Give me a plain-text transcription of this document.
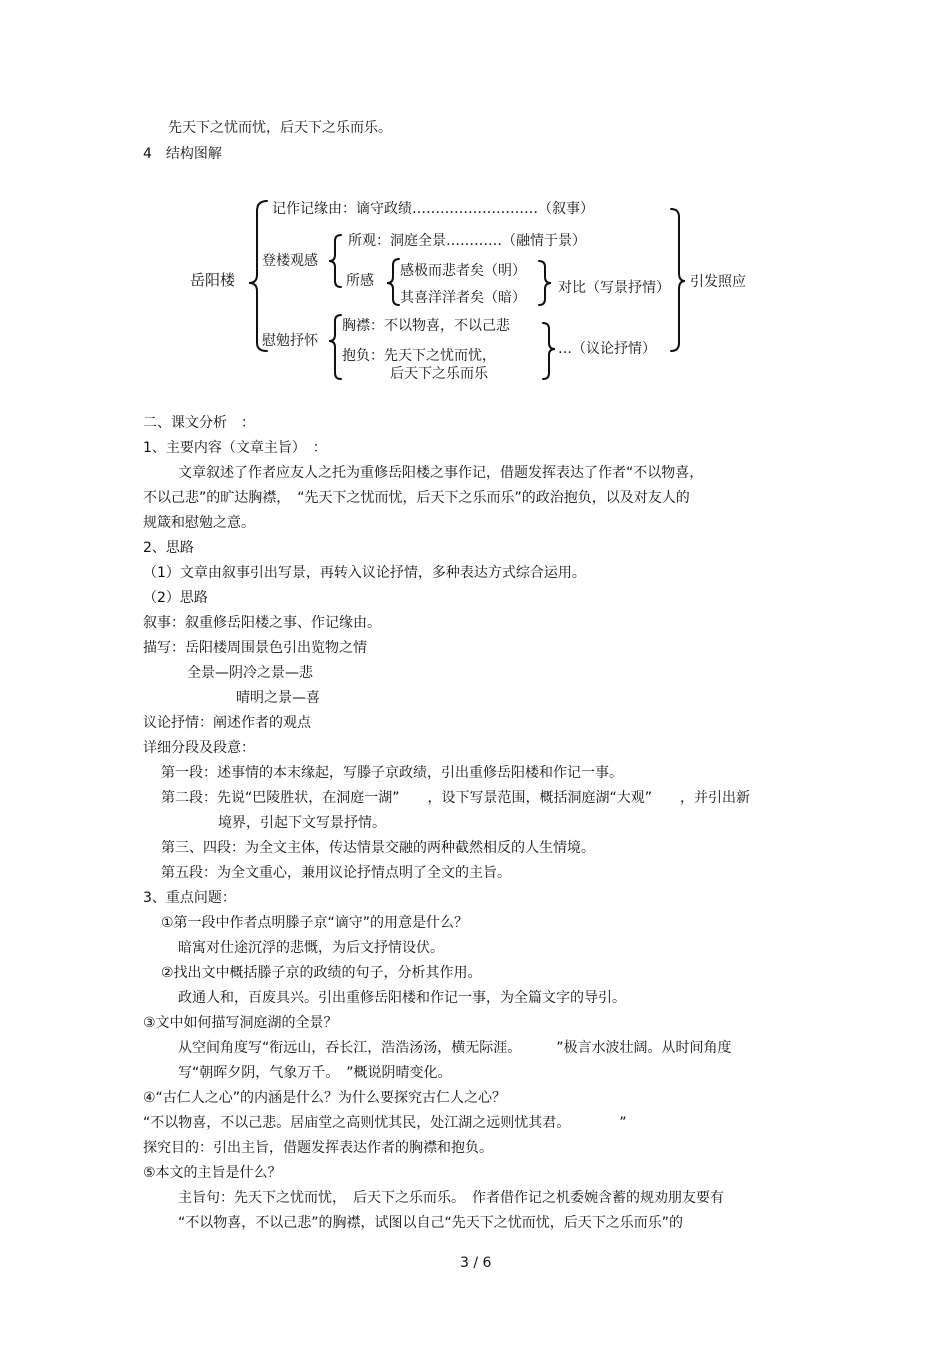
先天下之忧而忧，后天下之乐而乐。
4　结构图解
岳阳楼
记作记缘由：谪守政绩………………………（叙事）
登楼观感
所观：洞庭全景…………（融情于景）
所感
感极而悲者矣（明）
其喜洋洋者矣（暗）
对比（写景抒情）
慰勉抒怀
胸襟：不以物喜，不以己悲
抱负：先天下之忧而忧，
后天下之乐而乐
…（议论抒情）
引发照应
二、课文分析　：
1、主要内容（文章主旨）　：
文章叙述了作者应友人之托为重修岳阳楼之事作记，借题发挥表达了作者“不以物喜，
不以己悲”的旷达胸襟，　“先天下之忧而忧，后天下之乐而乐”的政治抱负，以及对友人的
规箴和慰勉之意。
2、思路
（1）文章由叙事引出写景，再转入议论抒情，多种表达方式综合运用。
（2）思路
叙事：叙重修岳阳楼之事、作记缘由。
描写：岳阳楼周围景色引出览物之情
全景—阴冷之景—悲
晴明之景—喜
议论抒情：阐述作者的观点
详细分段及段意：
第一段：述事情的本末缘起，写滕子京政绩，引出重修岳阳楼和作记一事。
第二段：先说“巴陵胜状，在洞庭一湖”　　，设下写景范围，概括洞庭湖“大观”　　，并引出新
境界，引起下文写景抒情。
第三、四段：为全文主体，传达情景交融的两种截然相反的人生情境。
第五段：为全文重心，兼用议论抒情点明了全文的主旨。
3、重点问题：
①第一段中作者点明滕子京“谪守”的用意是什么？
暗寓对仕途沉浮的悲慨，为后文抒情设伏。
②找出文中概括滕子京的政绩的句子，分析其作用。
政通人和，百废具兴。引出重修岳阳楼和作记一事，为全篇文字的导引。
③文中如何描写洞庭湖的全景？
从空间角度写“衔远山，吞长江，浩浩汤汤，横无际涯。　　　”极言水波壮阔。从时间角度
写“朝晖夕阴，气象万千。　”概说阴晴变化。
④“古仁人之心”的内涵是什么？为什么要探究古仁人之心？
“不以物喜，不以己悲。居庙堂之高则忧其民，处江湖之远则忧其君。　　　　”
探究目的：引出主旨，借题发挥表达作者的胸襟和抱负。
⑤本文的主旨是什么？
主旨句：先天下之忧而忧，　后天下之乐而乐。　作者借作记之机委婉含蓄的规劝朋友要有
“不以物喜，不以己悲”的胸襟，试图以自己“先天下之忧而忧，后天下之乐而乐”的
3 / 6
